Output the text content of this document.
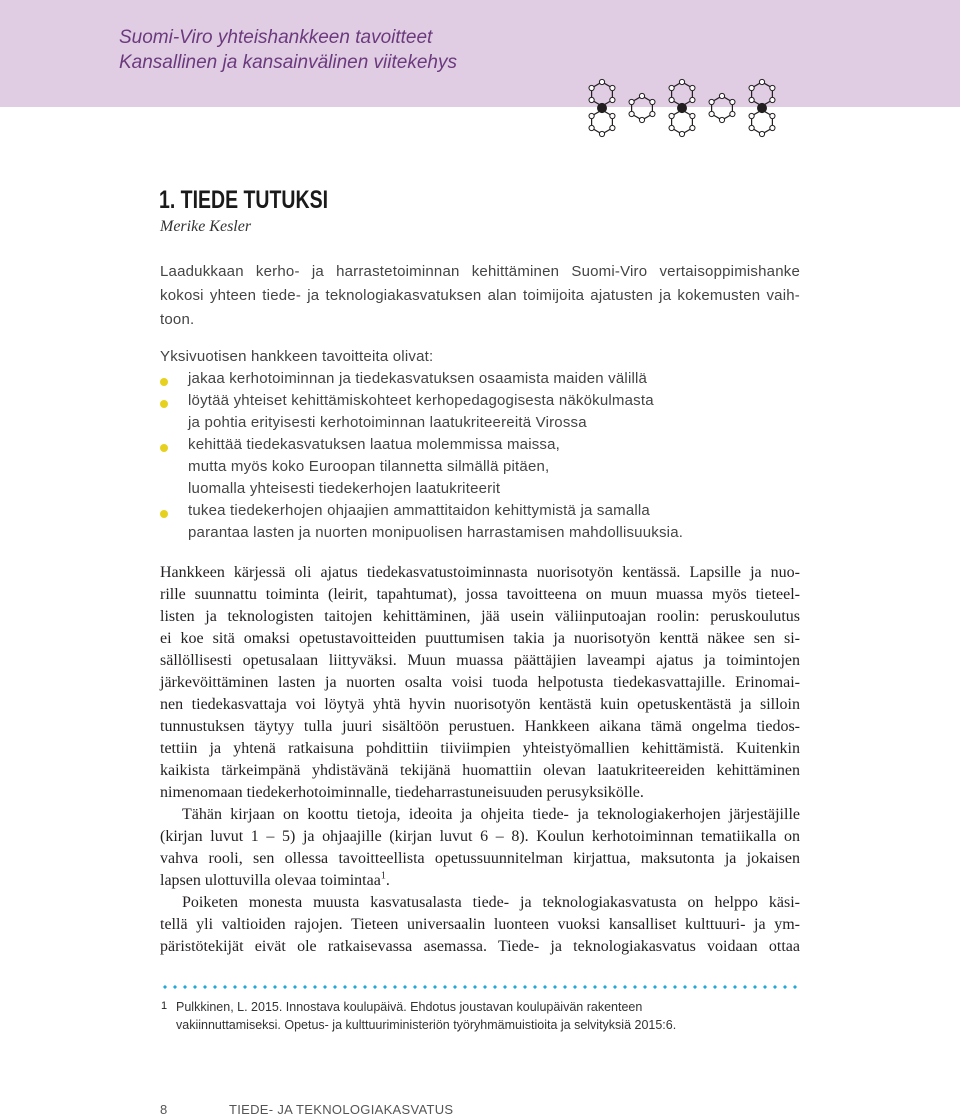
Suomi-Viro yhteishankkeen tavoitteet
Kansallinen ja kansainvälinen viitekehys
1. TIEDE TUTUKSI
Merike Kesler
Laadukkaan kerho- ja harrastetoiminnan kehittäminen Suomi-Viro vertaisoppimishanke
kokosi yhteen tiede- ja teknologiakasvatuksen alan toimijoita ajatusten ja kokemusten vaih-
toon.
Yksivuotisen hankkeen tavoitteita olivat:
jakaa kerhotoiminnan ja tiedekasvatuksen osaamista maiden välillä
löytää yhteiset kehittämiskohteet kerhopedagogisesta näkökulmasta
ja pohtia erityisesti kerhotoiminnan laatukriteereitä Virossa
kehittää tiedekasvatuksen laatua molemmissa maissa,
mutta myös koko Euroopan tilannetta silmällä pitäen,
luomalla yhteisesti tiedekerhojen laatukriteerit
tukea tiedekerhojen ohjaajien ammattitaidon kehittymistä ja samalla
parantaa lasten ja nuorten monipuolisen harrastamisen mahdollisuuksia.
Hankkeen kärjessä oli ajatus tiedekasvatustoiminnasta nuorisotyön kentässä. Lapsille ja nuo-
rille suunnattu toiminta (leirit, tapahtumat), jossa tavoitteena on muun muassa myös tieteel-
listen ja teknologisten taitojen kehittäminen, jää usein väliinputoajan roolin: peruskoulutus
ei koe sitä omaksi opetustavoitteiden puuttumisen takia ja nuorisotyön kenttä näkee sen si-
sällöllisesti opetusalaan liittyväksi. Muun muassa päättäjien laveampi ajatus ja toimintojen
järkevöittäminen lasten ja nuorten osalta voisi tuoda helpotusta tiedekasvattajille. Erinomai-
nen tiedekasvattaja voi löytyä yhtä hyvin nuorisotyön kentästä kuin opetuskentästä ja silloin
tunnustuksen täytyy tulla juuri sisältöön perustuen. Hankkeen aikana tämä ongelma tiedos-
tettiin ja yhtenä ratkaisuna pohdittiin tiiviimpien yhteistyömallien kehittämistä. Kuitenkin
kaikista tärkeimpänä yhdistävänä tekijänä huomattiin olevan laatukriteereiden kehittäminen
nimenomaan tiedekerhotoiminnalle, tiedeharrastuneisuuden perusyksikölle.
Tähän kirjaan on koottu tietoja, ideoita ja ohjeita tiede- ja teknologiakerhojen järjestäjille
(kirjan luvut 1 – 5) ja ohjaajille (kirjan luvut 6 – 8). Koulun kerhotoiminnan tematiikalla on
vahva rooli, sen ollessa tavoitteellista opetussuunnitelman kirjattua, maksutonta ja jokaisen
lapsen ulottuvilla olevaa toimintaa$^1$.
Poiketen monesta muusta kasvatusalasta tiede- ja teknologiakasvatusta on helppo käsi-
tellä yli valtioiden rajojen. Tieteen universaalin luonteen vuoksi kansalliset kulttuuri- ja ym-
päristötekijät eivät ole ratkaisevassa asemassa. Tiede- ja teknologiakasvatus voidaan ottaa
1 Pulkkinen, L. 2015. Innostava koulupäivä. Ehdotus joustavan koulupäivän rakenteen
vakiinnuttamiseksi. Opetus- ja kulttuuriministeriön työryhmämuistioita ja selvityksiä 2015:6.
8	TIEDE- JA TEKNOLOGIAKASVATUS
